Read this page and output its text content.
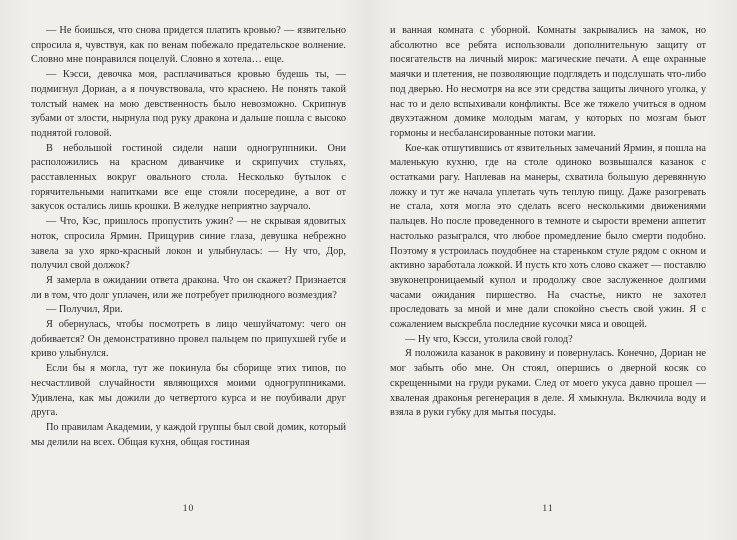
— Не боишься, что снова придется платить кровью? — язвительно спросила я, чувствуя, как по венам побежало предательское волнение. Словно мне понравился поцелуй. Словно я хотела… еще.

— Кэсси, девочка моя, расплачиваться кровью будешь ты, — подмигнул Дориан, а я почувствовала, что краснею. Не понять такой толстый намек на мою девственность было невозможно. Скрипнув зубами от злости, нырнула под руку дракона и дальше пошла с высоко поднятой головой.

В небольшой гостиной сидели наши одногруппники. Они расположились на красном диванчике и скрипучих стульях, расставленных вокруг овального стола. Несколько бутылок с горячительными напитками все еще стояли посередине, а вот от закусок остались лишь крошки. В желудке неприятно заурчало.

— Что, Кэс, пришлось пропустить ужин? — не скрывая ядовитых ноток, спросила Ярмин. Прищурив синие глаза, девушка небрежно завела за ухо ярко-красный локон и улыбнулась: — Ну что, Дор, получил свой должок?

Я замерла в ожидании ответа дракона. Что он скажет? Признается ли в том, что долг уплачен, или же потребует прилюдного возмездия?

— Получил, Яри.

Я обернулась, чтобы посмотреть в лицо чешуйчатому: чего он добивается? Он демонстративно провел пальцем по припухшей губе и криво улыбнулся.

Если бы я могла, тут же покинула бы сборище этих типов, по несчастливой случайности являющихся моими одногруппниками. Удивлена, как мы дожили до четвертого курса и не поубивали друг друга.

По правилам Академии, у каждой группы был свой домик, который мы делили на всех. Общая кухня, общая гостиная

10

и ванная комната с уборной. Комнаты закрывались на замок, но абсолютно все ребята использовали дополнительную защиту от посягательств на личный мирок: магические печати. А еще охранные маячки и плетения, не позволяющие подглядеть и подслушать что-либо под дверью. Но несмотря на все эти средства защиты личного уголка, у нас то и дело вспыхивали конфликты. Все же тяжело учиться в одном двухэтажном домике молодым магам, у которых по мозгам бьют гормоны и несбалансированные потоки магии.

Кое-как отшутившись от язвительных замечаний Ярмин, я пошла на маленькую кухню, где на столе одиноко возвышался казанок с остатками рагу. Наплевав на манеры, схватила большую деревянную ложку и тут же начала уплетать чуть теплую пищу. Даже разогревать не стала, хотя могла это сделать всего несколькими движениями пальцев. Но после проведенного в темноте и сырости времени аппетит настолько разыгрался, что любое промедление было смерти подобно. Поэтому я устроилась поудобнее на стареньком стуле рядом с окном и активно заработала ложкой. И пусть кто хоть слово скажет — поставлю звуконепроницаемый купол и продолжу свое заслуженное долгими часами ожидания пиршество. На счастье, никто не захотел проследовать за мной и мне дали спокойно съесть свой ужин. Я с сожалением выскребла последние кусочки мяса и овощей.

— Ну что, Кэсси, утолила свой голод?

Я положила казанок в раковину и повернулась. Конечно, Дориан не мог забыть обо мне. Он стоял, опершись о дверной косяк со скрещенными на груди руками. След от моего укуса давно прошел — хваленая драконья регенерация в деле. Я хмыкнула. Включила воду и взяла в руки губку для мытья посуды.

11
